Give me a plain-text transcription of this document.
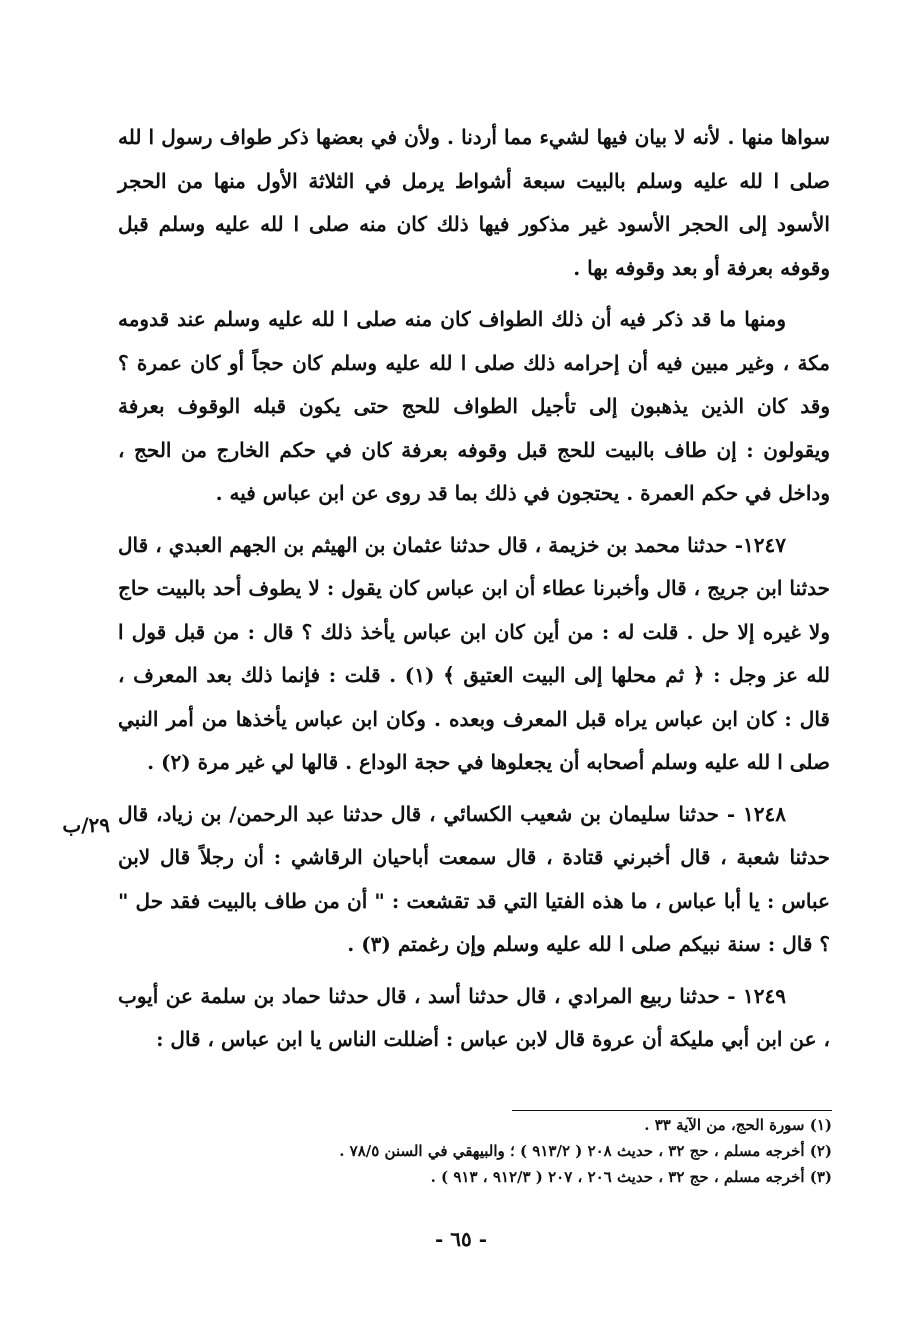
سواها منها . لأنه لا بيان فيها لشيء مما أردنا . ولأن في بعضها ذكر طواف رسول ا لله صلى ا لله عليه وسلم بالبيت سبعة أشواط يرمل في الثلاثة الأول منها من الحجر الأسود إلى الحجر الأسود غير مذكور فيها ذلك كان منه صلى ا لله عليه وسلم قبل وقوفه بعرفة أو بعد وقوفه بها .

ومنها ما قد ذكر فيه أن ذلك الطواف كان منه صلى ا لله عليه وسلم عند قدومه مكة ، وغير مبين فيه أن إحرامه ذلك صلى ا لله عليه وسلم كان حجاً أو كان عمرة ؟ وقد كان الذين يذهبون إلى تأجيل الطواف للحج حتى يكون قبله الوقوف بعرفة ويقولون : إن طاف بالبيت للحج قبل وقوفه بعرفة كان في حكم الخارج من الحج ، وداخل في حكم العمرة . يحتجون في ذلك بما قد روى عن ابن عباس فيه .

١٢٤٧- حدثنا محمد بن خزيمة ، قال حدثنا عثمان بن الهيثم بن الجهم العبدي ، قال حدثنا ابن جريج ، قال وأخبرنا عطاء أن ابن عباس كان يقول : لا يطوف أحد بالبيت حاج ولا غيره إلا حل . قلت له : من أين كان ابن عباس يأخذ ذلك ؟ قال : من قبل قول ا لله عز وجل : ﴿ ثم محلها إلى البيت العتيق ﴾ (١) . قلت : فإنما ذلك بعد المعرف ، قال : كان ابن عباس يراه قبل المعرف وبعده . وكان ابن عباس يأخذها من أمر النبي صلى ا لله عليه وسلم أصحابه أن يجعلوها في حجة الوداع . قالها لي غير مرة (٢) .

١٢٤٨ - حدثنا سليمان بن شعيب الكسائي ، قال حدثنا عبد الرحمن/ بن زياد، قال حدثنا شعبة ، قال أخبرني قتادة ، قال سمعت أباحيان الرقاشي : أن رجلاً قال لابن عباس : يا أبا عباس ، ما هذه الفتيا التي قد تقشعت : " أن من طاف بالبيت فقد حل " ؟ قال : سنة نبيكم صلى ا لله عليه وسلم وإن رغمتم (٣) .

١٢٤٩ - حدثنا ربيع المرادي ، قال حدثنا أسد ، قال حدثنا حماد بن سلمة عن أيوب ، عن ابن أبي مليكة أن عروة قال لابن عباس : أضللت الناس يا ابن عباس ، قال :

٢٩/ب
(١) سورة الحج، من الآية ٣٣ .
(٢) أخرجه مسلم ، حج ٣٢ ، حديث ٢٠٨ ( ٩١٣/٢ ) ؛ والبيهقي في السنن ٧٨/٥ .
(٣) أخرجه مسلم ، حج ٣٢ ، حديث ٢٠٦ ، ٢٠٧ ( ٩١٢/٣ ، ٩١٣ ) .
- ٦٥ -
